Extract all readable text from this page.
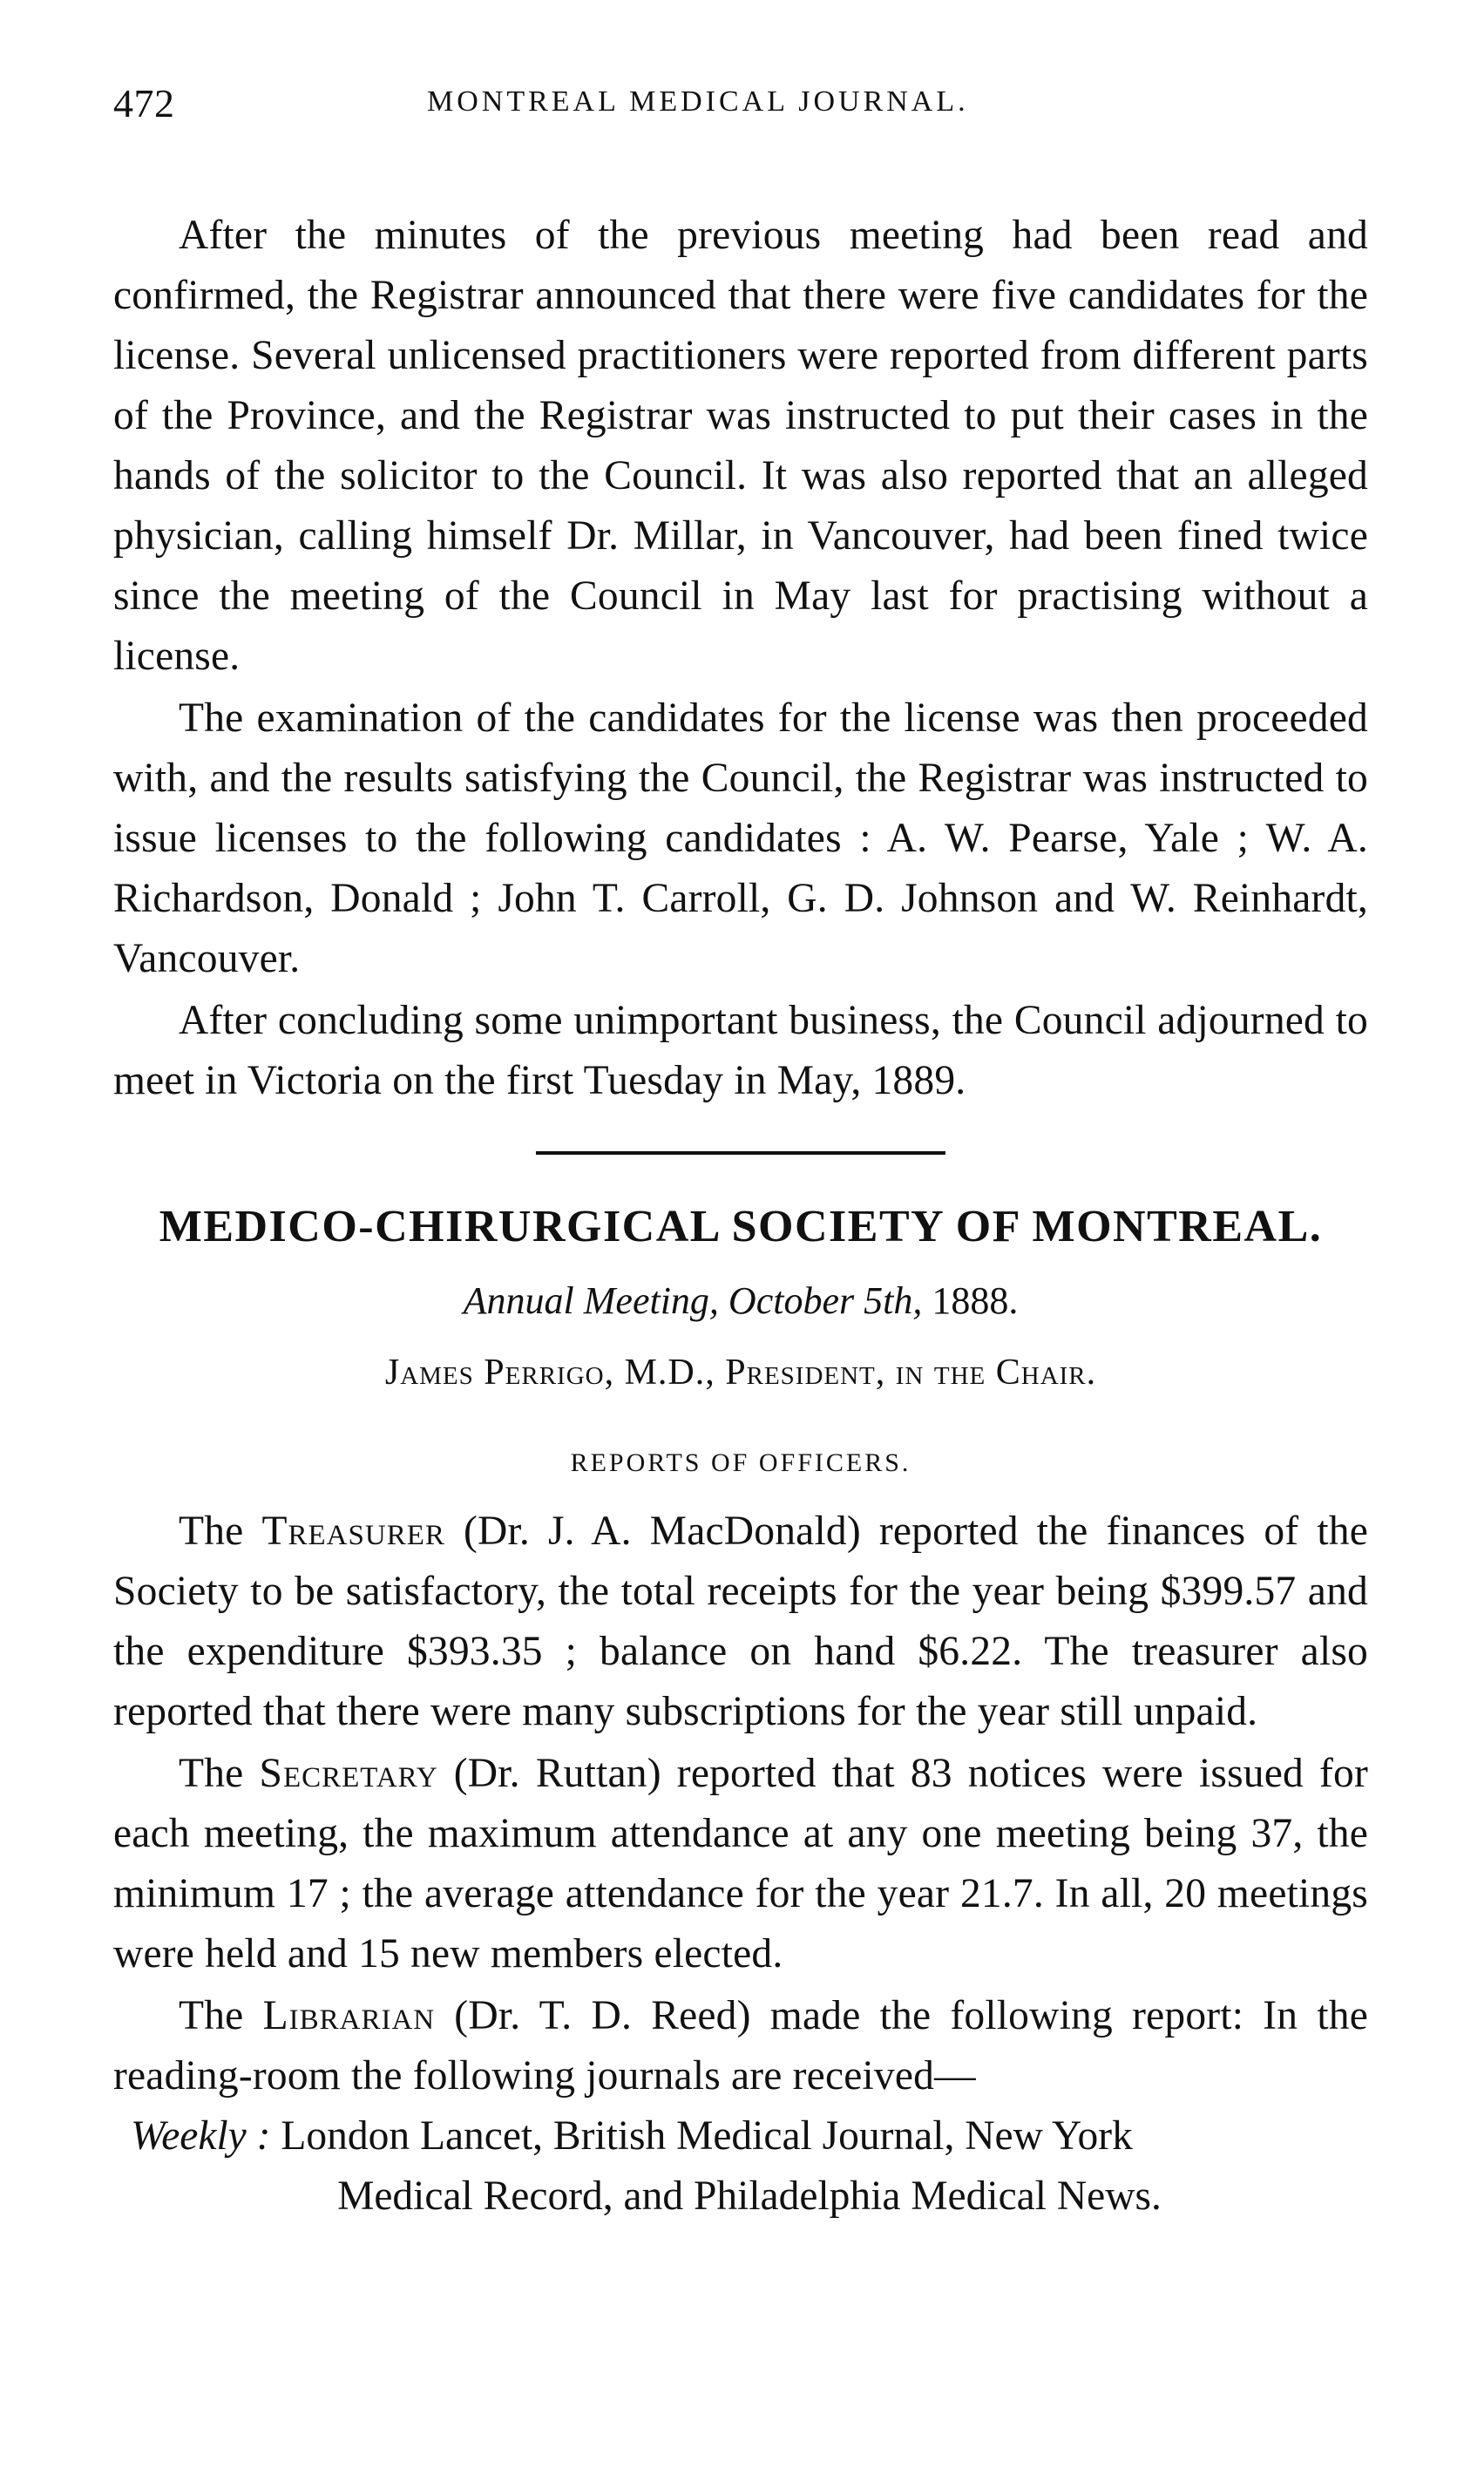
472	MONTREAL MEDICAL JOURNAL.

After the minutes of the previous meeting had been read and confirmed, the Registrar announced that there were five candidates for the license. Several unlicensed practitioners were reported from different parts of the Province, and the Registrar was instructed to put their cases in the hands of the solicitor to the Council. It was also reported that an alleged physician, calling himself Dr. Millar, in Vancouver, had been fined twice since the meeting of the Council in May last for practising without a license.

The examination of the candidates for the license was then proceeded with, and the results satisfying the Council, the Registrar was instructed to issue licenses to the following candidates : A. W. Pearse, Yale ; W. A. Richardson, Donald ; John T. Carroll, G. D. Johnson and W. Reinhardt, Vancouver.

After concluding some unimportant business, the Council adjourned to meet in Victoria on the first Tuesday in May, 1889.

MEDICO-CHIRURGICAL SOCIETY OF MONTREAL.

Annual Meeting, October 5th, 1888.

James Perrigo, M.D., President, in the Chair.

REPORTS OF OFFICERS.

The Treasurer (Dr. J. A. MacDonald) reported the finances of the Society to be satisfactory, the total receipts for the year being $399.57 and the expenditure $393.35 ; balance on hand $6.22. The treasurer also reported that there were many subscriptions for the year still unpaid.

The Secretary (Dr. Ruttan) reported that 83 notices were issued for each meeting, the maximum attendance at any one meeting being 37, the minimum 17 ; the average attendance for the year 21.7. In all, 20 meetings were held and 15 new members elected.

The Librarian (Dr. T. D. Reed) made the following report: In the reading-room the following journals are received—

Weekly : London Lancet, British Medical Journal, New York
Medical Record, and Philadelphia Medical News.
